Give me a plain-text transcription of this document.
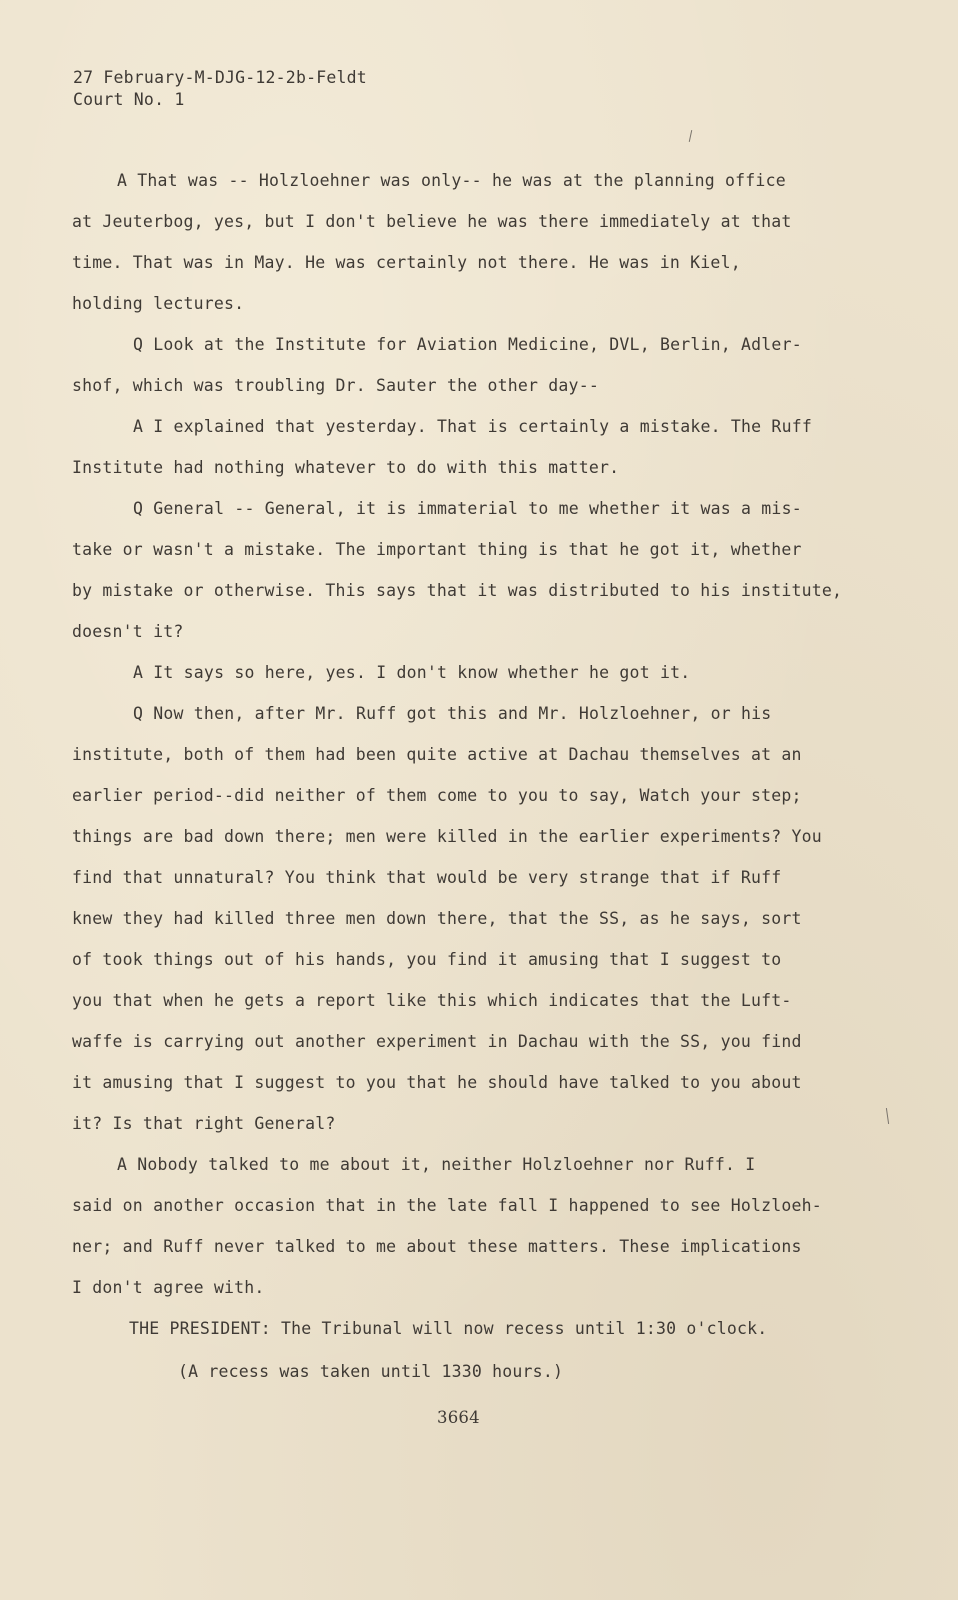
27 February-M-DJG-12-2b-Feldt
Court No. 1
A That was -- Holzloehner was only-- he was at the planning office
at Jeuterbog, yes, but I don't believe he was there immediately at that
time. That was in May. He was certainly not there. He was in Kiel,
holding lectures.
Q Look at the Institute for Aviation Medicine, DVL, Berlin, Adler-
shof, which was troubling Dr. Sauter the other day--
A I explained that yesterday. That is certainly a mistake. The Ruff
Institute had nothing whatever to do with this matter.
Q General -- General, it is immaterial to me whether it was a mis-
take or wasn't a mistake. The important thing is that he got it, whether
by mistake or otherwise. This says that it was distributed to his institute,
doesn't it?
A It says so here, yes. I don't know whether he got it.
Q Now then, after Mr. Ruff got this and Mr. Holzloehner, or his
institute, both of them had been quite active at Dachau themselves at an
earlier period--did neither of them come to you to say, Watch your step;
things are bad down there; men were killed in the earlier experiments? You
find that unnatural? You think that would be very strange that if Ruff
knew they had killed three men down there, that the SS, as he says, sort
of took things out of his hands, you find it amusing that I suggest to
you that when he gets a report like this which indicates that the Luft-
waffe is carrying out another experiment in Dachau with the SS, you find
it amusing that I suggest to you that he should have talked to you about
it? Is that right General?
A Nobody talked to me about it, neither Holzloehner nor Ruff. I
said on another occasion that in the late fall I happened to see Holzloeh-
ner; and Ruff never talked to me about these matters. These implications
I don't agree with.
THE PRESIDENT: The Tribunal will now recess until 1:30 o'clock.
(A recess was taken until 1330 hours.)
3664
